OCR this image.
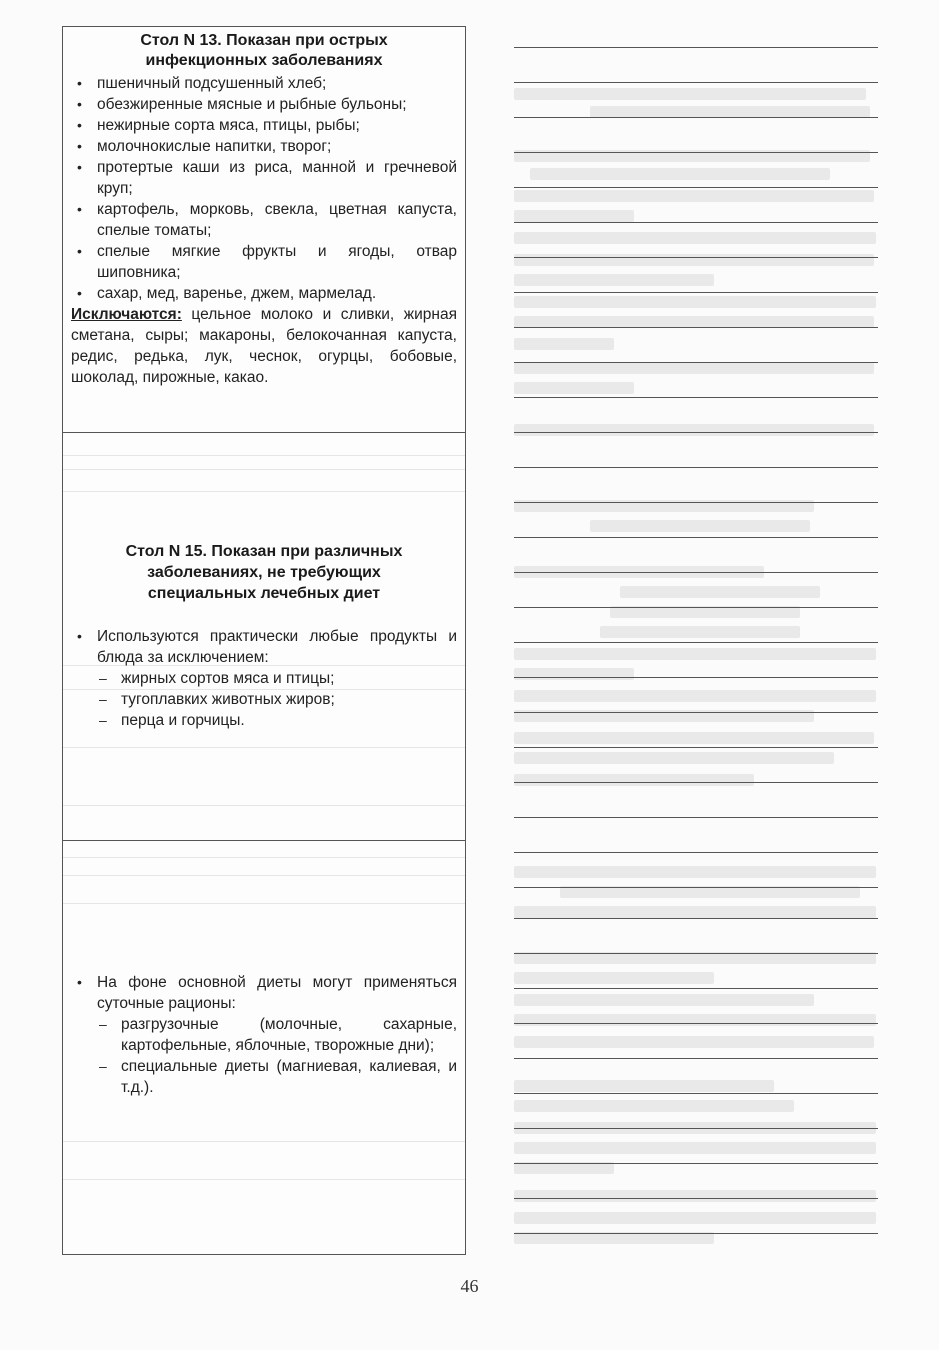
Стол N 13. Показан при острых
инфекционных заболеваниях
• пшеничный подсушенный хлеб;
• обезжиренные мясные и рыбные бульоны;
• нежирные сорта мяса, птицы, рыбы;
• молочнокислые напитки, творог;
• протертые каши из риса, манной и гречневой круп;
• картофель, морковь, свекла, цветная капуста, спелые томаты;
• спелые мягкие фрукты и ягоды, отвар шиповника;
• сахар, мед, варенье, джем, мармелад.
Исключаются: цельное молоко и сливки, жирная сметана, сыры; макароны, белокочанная капуста, редис, редька, лук, чеснок, огурцы, бобовые, шоколад, пирожные, какао.
Стол N 15. Показан при различных
заболеваниях, не требующих
специальных лечебных диет
• Используются практически любые продукты и блюда за исключением:
– жирных сортов мяса и птицы;
– тугоплавких животных жиров;
– перца и горчицы.
• На фоне основной диеты могут применяться суточные рационы:
– разгрузочные (молочные, сахарные, картофельные, яблочные, творожные дни);
– специальные диеты (магниевая, калиевая, и т.д.).
46
